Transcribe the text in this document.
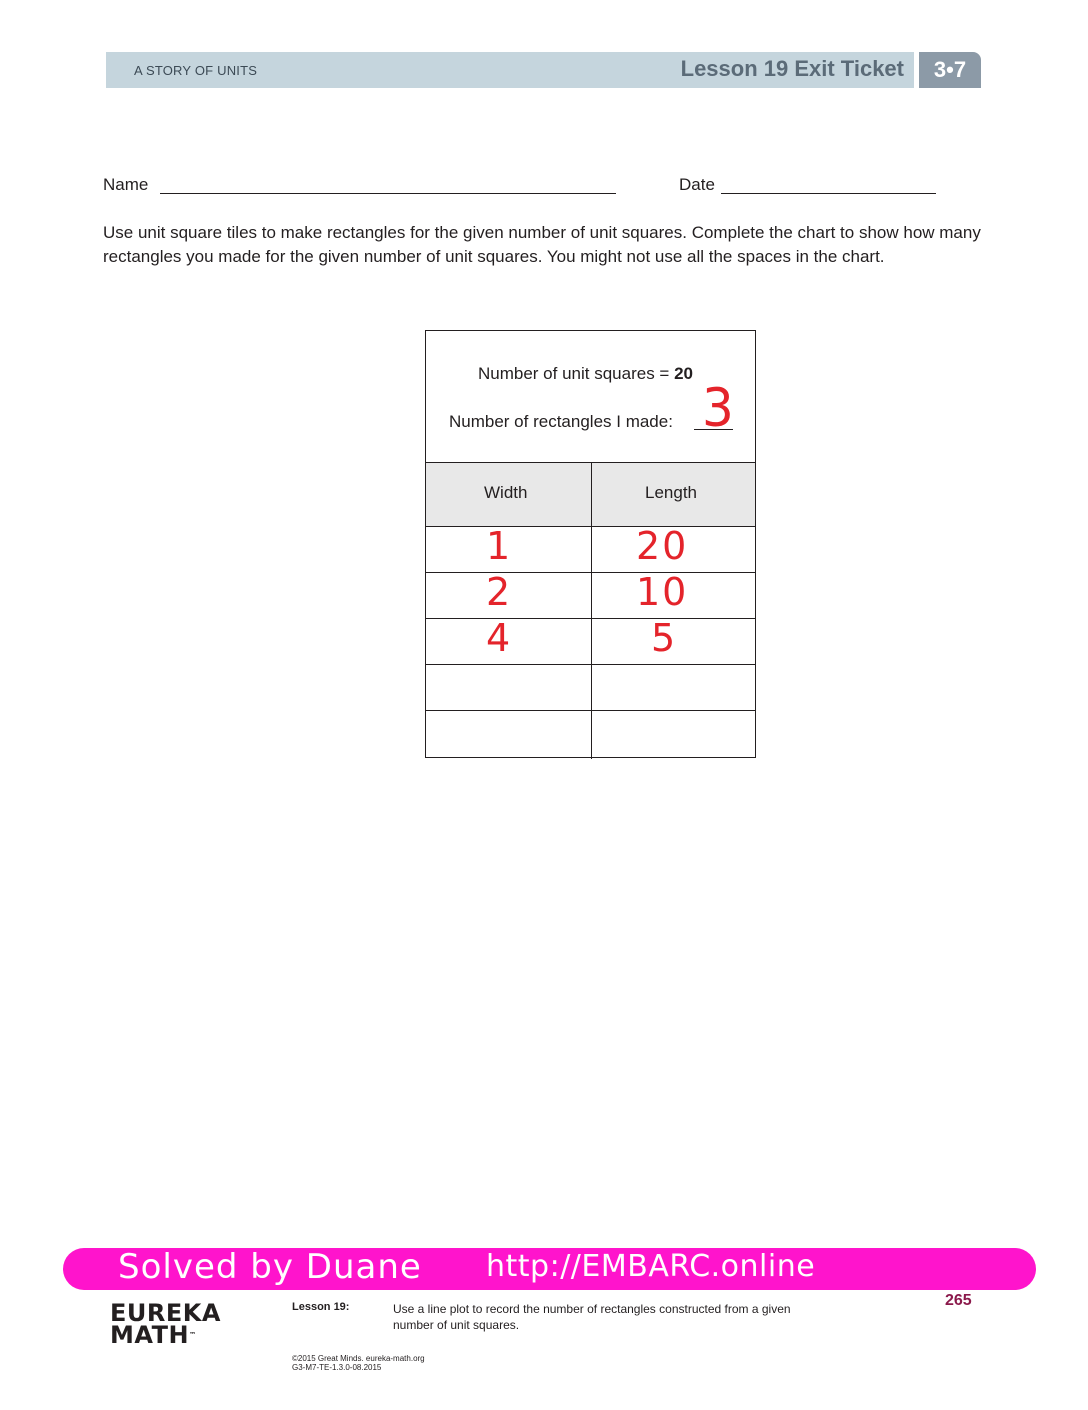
A STORY OF UNITS	Lesson 19 Exit Ticket	3•7
Name	Date
Use unit square tiles to make rectangles for the given number of unit squares. Complete the chart to show how many rectangles you made for the given number of unit squares. You might not use all the spaces in the chart.
Number of unit squares = 20
Number of rectangles I made: 3
Width	Length
1	20
2	10
4	5
Solved by Duane http://EMBARC.online
EUREKA
MATH™
Lesson 19:	Use a line plot to record the number of rectangles constructed from a given number of unit squares.
265
©2015 Great Minds. eureka-math.org
G3-M7-TE-1.3.0-08.2015
